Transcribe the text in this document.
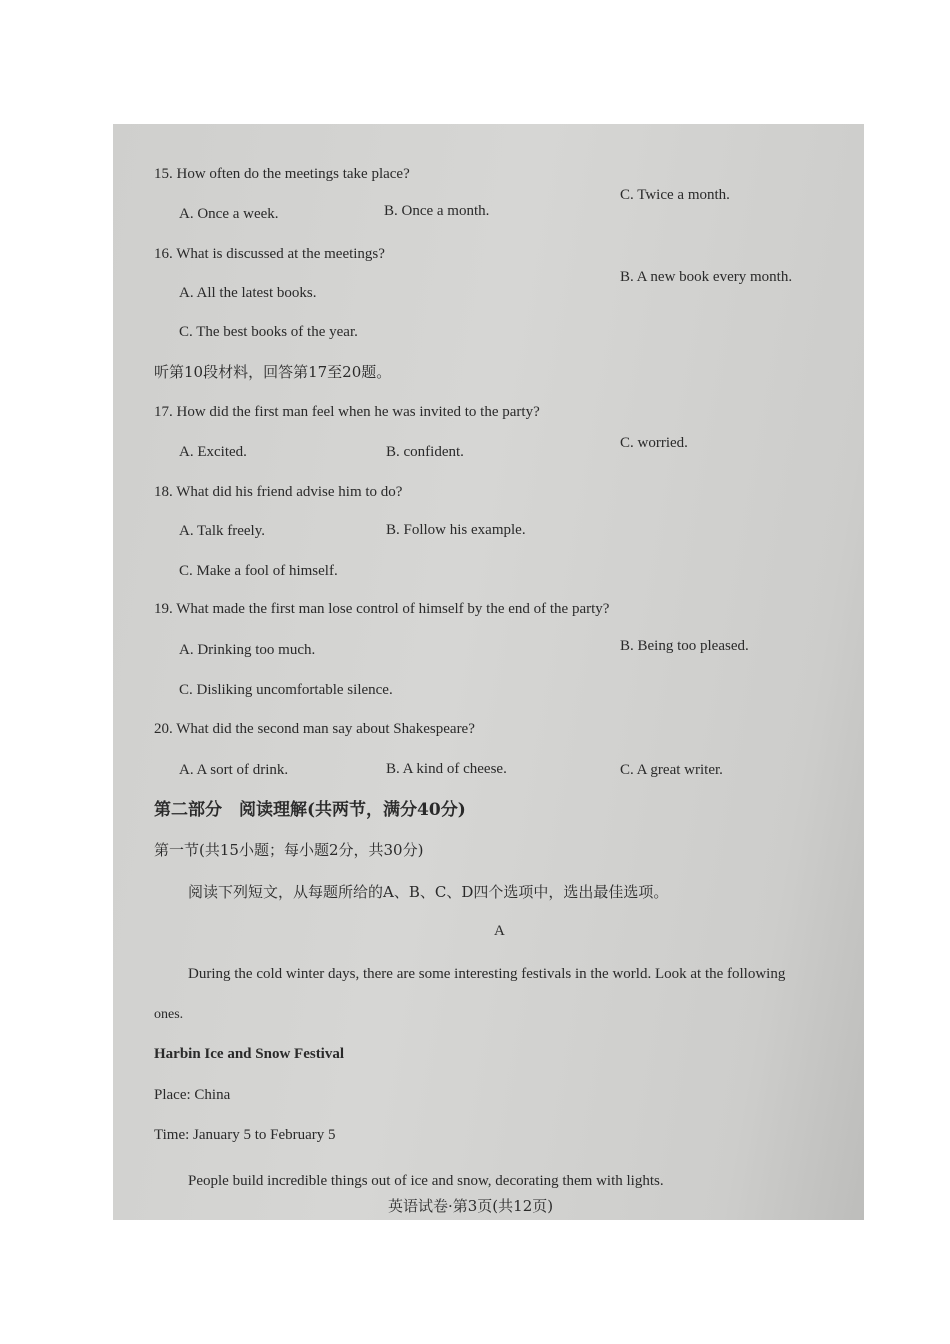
15. How often do the meetings take place?
A. Once a week.	B. Once a month.
C. Twice a month.
16. What is discussed at the meetings?
A. All the latest books.
B. A new book every month.
C. The best books of the year.
听第10段材料，回答第17至20题。
17. How did the first man feel when he was invited to the party?
A. Excited.	B. confident.
C. worried.
18. What did his friend advise him to do?
A. Talk freely.	B. Follow his example.
C. Make a fool of himself.
19. What made the first man lose control of himself by the end of the party?
A. Drinking too much.	B. Being too pleased.
C. Disliking uncomfortable silence.
20. What did the second man say about Shakespeare?
A. A sort of drink.	B. A kind of cheese.	C. A great writer.
第二部分　阅读理解(共两节，满分40分)
第一节(共15小题；每小题2分，共30分)
阅读下列短文，从每题所给的A、B、C、D四个选项中，选出最佳选项。
A
During the cold winter days, there are some interesting festivals in the world. Look at the following
ones.
Harbin Ice and Snow Festival
Place: China
Time: January 5 to February 5
People build incredible things out of ice and snow, decorating them with lights.
英语试卷·第3页(共12页)
